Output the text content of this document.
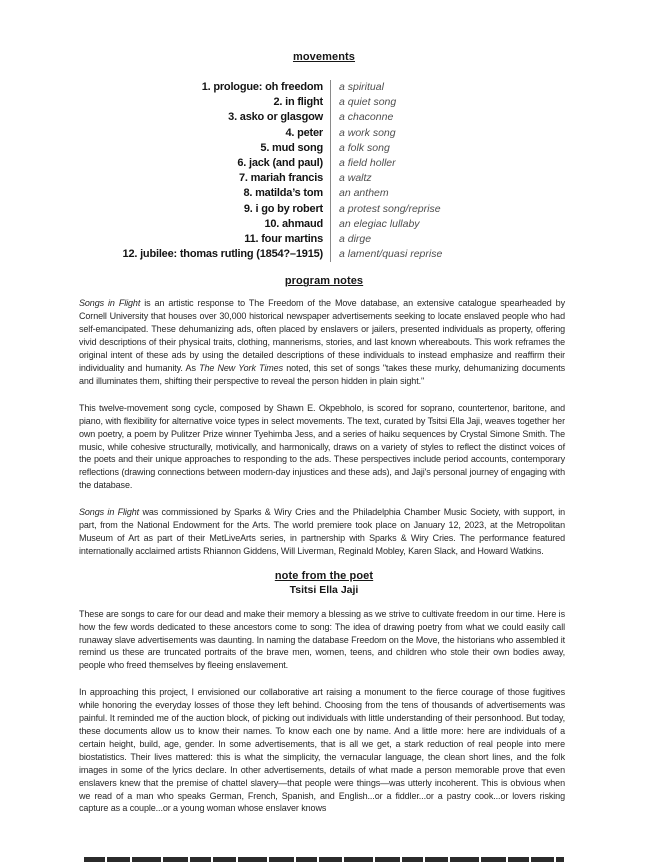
movements
1. prologue: oh freedom	a spiritual
2. in flight	a quiet song
3. asko or glasgow	a chaconne
4. peter	a work song
5. mud song	a folk song
6. jack (and paul)	a field holler
7. mariah francis	a waltz
8. matilda’s tom	an anthem
9. i go by robert	a protest song/reprise
10. ahmaud	an elegiac lullaby
11. four martins	a dirge
12. jubilee: thomas rutling (1854?–1915)	a lament/quasi reprise
program notes

Songs in Flight is an artistic response to The Freedom of the Move database, an extensive catalogue spearheaded by Cornell University that houses over 30,000 historical newspaper advertisements seeking to locate enslaved people who had self-emancipated. These dehumanizing ads, often placed by enslavers or jailers, presented individuals as property, offering vivid descriptions of their physical traits, clothing, mannerisms, stories, and last known whereabouts. This work reframes the original intent of these ads by using the detailed descriptions of these individuals to instead emphasize and reaffirm their individuality and humanity. As The New York Times noted, this set of songs "takes these murky, dehumanizing documents and illuminates them, shifting their perspective to reveal the person hidden in plain sight."

This twelve-movement song cycle, composed by Shawn E. Okpebholo, is scored for soprano, countertenor, baritone, and piano, with flexibility for alternative voice types in select movements. The text, curated by Tsitsi Ella Jaji, weaves together her own poetry, a poem by Pulitzer Prize winner Tyehimba Jess, and a series of haiku sequences by Crystal Simone Smith. The music, while cohesive structurally, motivically, and harmonically, draws on a variety of styles to reflect the distinct voices of the poets and their unique approaches to responding to the ads. These perspectives include period accounts, contemporary reflections (drawing connections between modern-day injustices and these ads), and Jaji's personal journey of engaging with the database.

Songs in Flight was commissioned by Sparks & Wiry Cries and the Philadelphia Chamber Music Society, with support, in part, from the National Endowment for the Arts. The world premiere took place on January 12, 2023, at the Metropolitan Museum of Art as part of their MetLiveArts series, in partnership with Sparks & Wiry Cries. The performance featured internationally acclaimed artists Rhiannon Giddens, Will Liverman, Reginald Mobley, Karen Slack, and Howard Watkins.

note from the poet
Tsitsi Ella Jaji

These are songs to care for our dead and make their memory a blessing as we strive to cultivate freedom in our time. Here is how the few words dedicated to these ancestors come to song: The idea of drawing poetry from what we could easily call runaway slave advertisements was daunting. In naming the database Freedom on the Move, the historians who assembled it remind us these are truncated portraits of the brave men, women, teens, and children who stole their own bodies away, people who freed themselves by fleeing enslavement.

In approaching this project, I envisioned our collaborative art raising a monument to the fierce courage of those fugitives while honoring the everyday losses of those they left behind. Choosing from the tens of thousands of advertisements was painful. It reminded me of the auction block, of picking out individuals with little understanding of their personhood. But today, these documents allow us to know their names. To know each one by name. And a little more: here are individuals of a certain height, build, age, gender. In some advertisements, that is all we get, a stark reduction of real people into mere biostatistics. Their lives mattered: this is what the simplicity, the vernacular language, the clean short lines, and the folk images in some of the lyrics declare. In other advertisements, details of what made a person memorable prove that even enslavers knew that the premise of chattel slavery—that people were things—was utterly incoherent. This is obvious when we read of a man who speaks German, French, Spanish, and English...or a fiddler...or a pastry cook...or lovers risking capture as a couple...or a young woman whose enslaver knows
